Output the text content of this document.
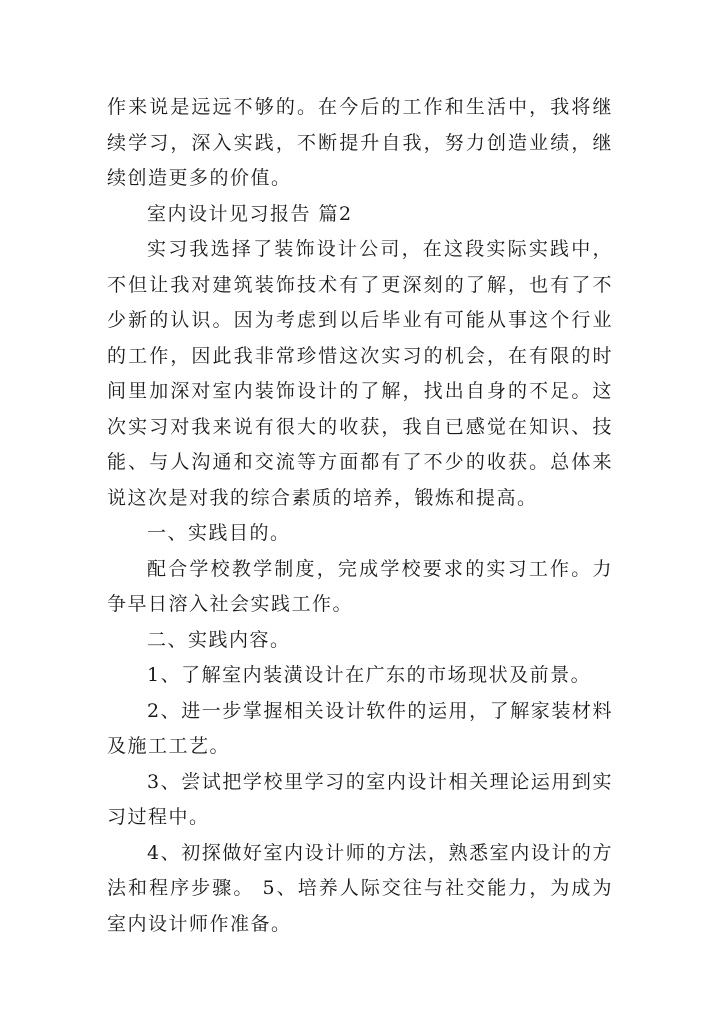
作来说是远远不够的。在今后的工作和生活中，我将继续学习，深入实践，不断提升自我，努力创造业绩，继续创造更多的价值。

室内设计见习报告 篇2

实习我选择了装饰设计公司，在这段实际实践中，不但让我对建筑装饰技术有了更深刻的了解，也有了不少新的认识。因为考虑到以后毕业有可能从事这个行业的工作，因此我非常珍惜这次实习的机会，在有限的时间里加深对室内装饰设计的了解，找出自身的不足。这次实习对我来说有很大的收获，我自已感觉在知识、技能、与人沟通和交流等方面都有了不少的收获。总体来说这次是对我的综合素质的培养，锻炼和提高。

一、实践目的。

配合学校教学制度，完成学校要求的实习工作。力争早日溶入社会实践工作。

二、实践内容。

1、了解室内装潢设计在广东的市场现状及前景。

2、进一步掌握相关设计软件的运用，了解家装材料及施工工艺。

3、尝试把学校里学习的室内设计相关理论运用到实习过程中。

4、初探做好室内设计师的方法，熟悉室内设计的方法和程序步骤。 5、培养人际交往与社交能力，为成为室内设计师作准备。
